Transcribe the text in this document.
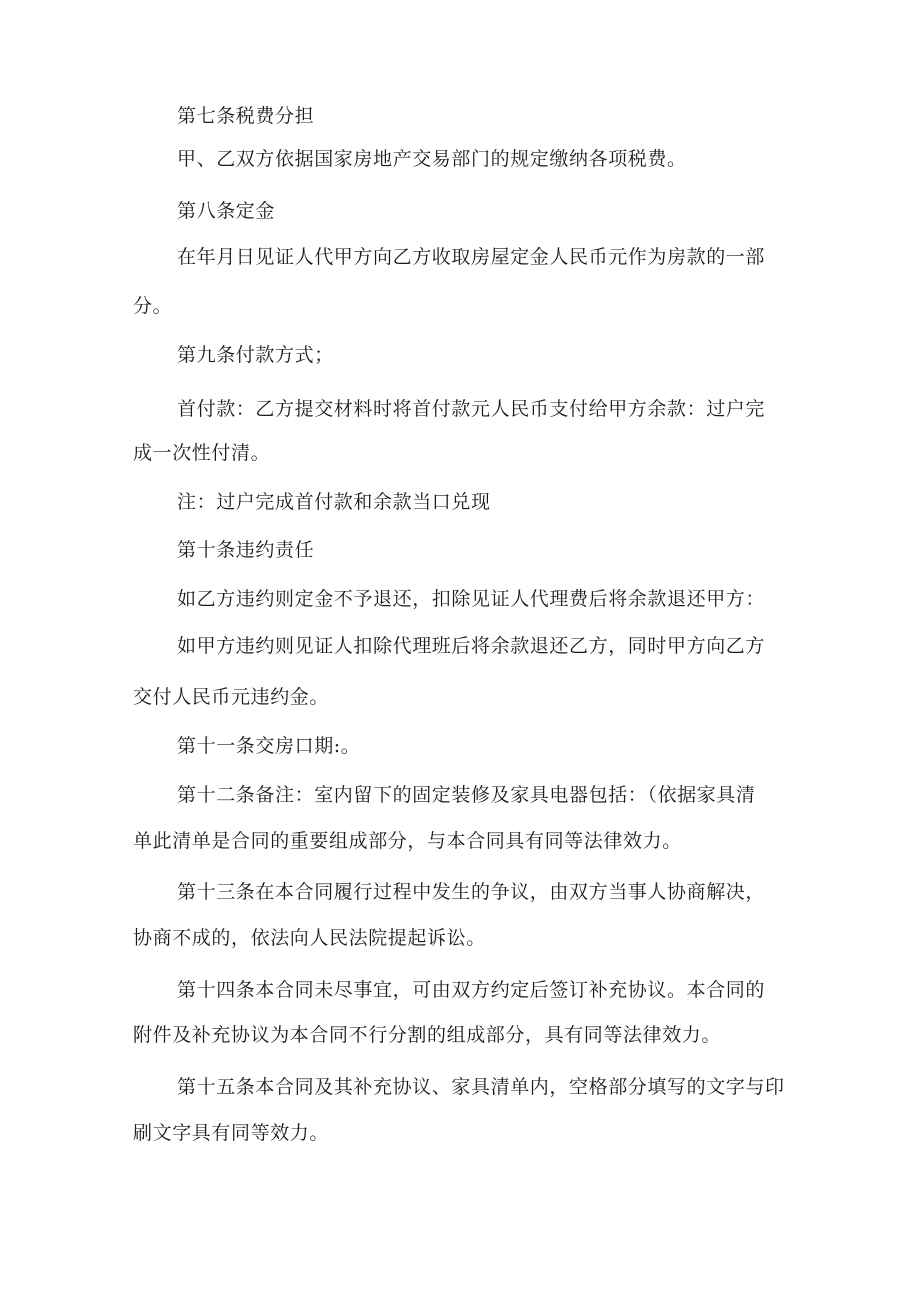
第七条税费分担

甲、乙双方依据国家房地产交易部门的规定缴纳各项税费。

第八条定金

在年月日见证人代甲方向乙方收取房屋定金人民币元作为房款的一部

分。

第九条付款方式；

首付款：乙方提交材料时将首付款元人民币支付给甲方余款：过户完

成一次性付清。

注：过户完成首付款和余款当口兑现

第十条违约责任

如乙方违约则定金不予退还，扣除见证人代理费后将余款退还甲方：

如甲方违约则见证人扣除代理班后将余款退还乙方，同时甲方向乙方

交付人民币元违约金。

第十一条交房口期:。

第十二条备注：室内留下的固定装修及家具电器包括：（依据家具清

单此清单是合同的重要组成部分，与本合同具有同等法律效力。

第十三条在本合同履行过程中发生的争议，由双方当事人协商解决，

协商不成的，依法向人民法院提起诉讼。

第十四条本合同未尽事宜，可由双方约定后签订补充协议。本合同的

附件及补充协议为本合同不行分割的组成部分，具有同等法律效力。

第十五条本合同及其补充协议、家具清单内，空格部分填写的文字与印

刷文字具有同等效力。
